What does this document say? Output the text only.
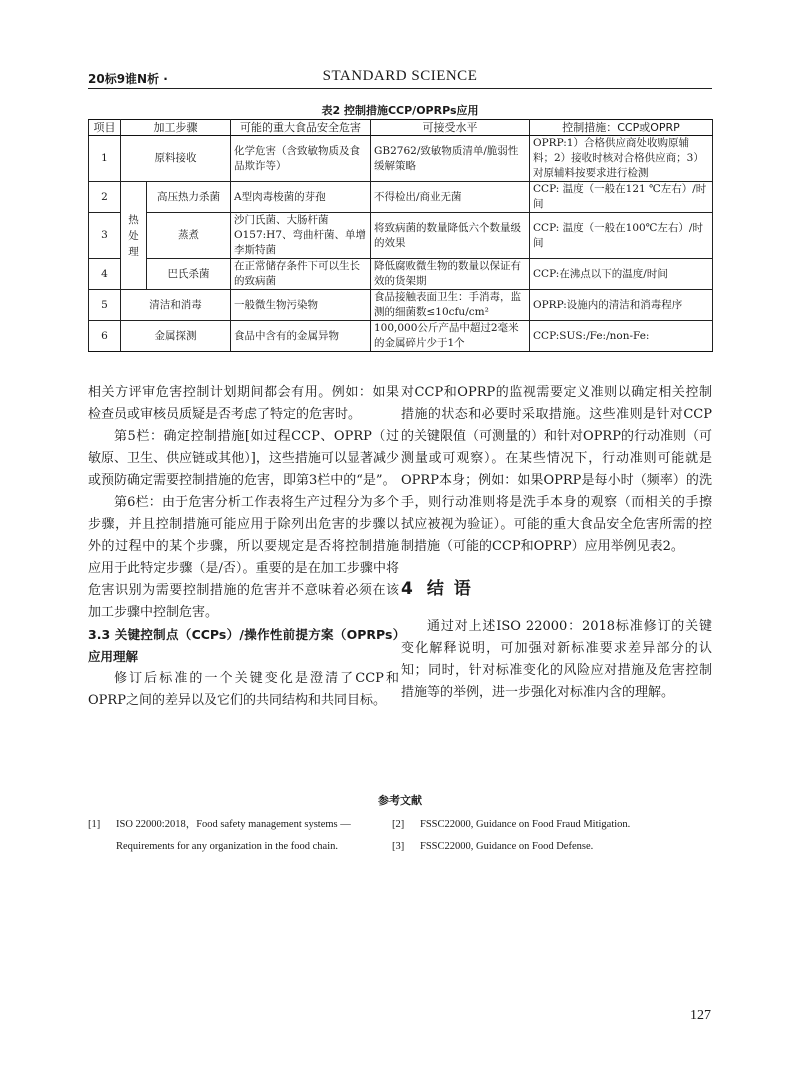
20标9谁N析 ·	STANDARD SCIENCE
表2 控制措施CCP/OPRPs应用
项目	加工步骤		可能的重大食品安全危害	可接受水平	控制措施：CCP或OPRP
1	原料接收		化学危害（含致敏物质及食品欺诈等）	GB2762/致敏物质清单/脆弱性缓解策略	OPRP:1）合格供应商处收购原辅料；2）接收时核对合格供应商；3）对原辅料按要求进行检测
2	热处理	高压热力杀菌	A型肉毒梭菌的芽孢	不得检出/商业无菌	CCP: 温度（一般在121 ℃左右）/时间
3		蒸煮	沙门氏菌、大肠杆菌O157:H7、弯曲杆菌、单增李斯特菌	将致病菌的数量降低六个数量级的效果	CCP: 温度（一般在100℃左右）/时间
4		巴氏杀菌	在正常储存条件下可以生长的致病菌	降低腐败微生物的数量以保证有效的货架期	CCP:在沸点以下的温度/时间
5	清洁和消毒		一般微生物污染物	食品接触表面卫生：手消毒，监测的细菌数≤10cfu/cm²	OPRP:设施内的清洁和消毒程序
6	金属探测		食品中含有的金属异物	100,000公斤产品中超过2毫米的金属碎片少于1个	CCP:SUS:/Fe:/non-Fe:

相关方评审危害控制计划期间都会有用。例如：如果检查员或审核员质疑是否考虑了特定的危害时。

第5栏：确定控制措施[如过程CCP、OPRP（过敏原、卫生、供应链或其他）]，这些措施可以显著减少或预防确定需要控制措施的危害，即第3栏中的“是”。

第6栏：由于危害分析工作表将生产过程分为多个步骤，并且控制措施可能应用于除列出危害的步骤以外的过程中的某个步骤，所以要规定是否将控制措施应用于此特定步骤（是/否）。重要的是在加工步骤中将危害识别为需要控制措施的危害并不意味着必须在该加工步骤中控制危害。

3.3 关键控制点（CCPs）/操作性前提方案（OPRPs）应用理解

修订后标准的一个关键变化是澄清了CCP和OPRP之间的差异以及它们的共同结构和共同目标。

对CCP和OPRP的监视需要定义准则以确定相关控制措施的状态和必要时采取措施。这些准则是针对CCP的关键限值（可测量的）和针对OPRP的行动准则（可测量或可观察）。在某些情况下，行动准则可能就是OPRP本身；例如：如果OPRP是每小时（频率）的洗手，则行动准则将是洗手本身的观察（而相关的手擦拭应被视为验证）。可能的重大食品安全危害所需的控制措施（可能的CCP和OPRP）应用举例见表2。

4 结 语

通过对上述ISO 22000：2018标准修订的关键变化解释说明，可加强对新标准要求差异部分的认知；同时，针对标准变化的风险应对措施及危害控制措施等的举例，进一步强化对标准内含的理解。

参考文献
[1] ISO 22000:2018，Food safety management systems —
Requirements for any organization in the food chain.
[2] FSSC22000, Guidance on Food Fraud Mitigation.
[3] FSSC22000, Guidance on Food Defense.
127
